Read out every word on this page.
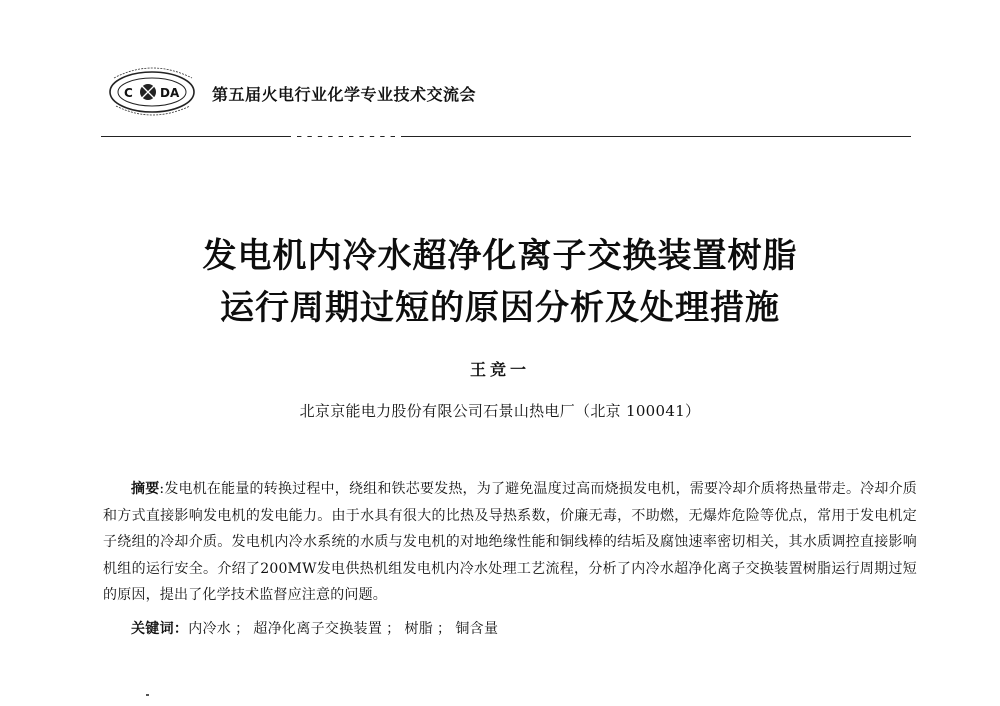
C DA 第五届火电行业化学专业技术交流会
发电机内冷水超净化离子交换装置树脂
运行周期过短的原因分析及处理措施
王竞一
北京京能电力股份有限公司石景山热电厂（北京 100041）

摘要:发电机在能量的转换过程中，绕组和铁芯要发热，为了避免温度过高而烧损发电机，需要冷却介质将热量带走。冷却介质和方式直接影响发电机的发电能力。由于水具有很大的比热及导热系数，价廉无毒，不助燃，无爆炸危险等优点，常用于发电机定子绕组的冷却介质。发电机内冷水系统的水质与发电机的对地绝缘性能和铜线棒的结垢及腐蚀速率密切相关，其水质调控直接影响机组的运行安全。介绍了200MW发电供热机组发电机内冷水处理工艺流程，分析了内冷水超净化离子交换装置树脂运行周期过短的原因，提出了化学技术监督应注意的问题。

关键词：内冷水 ； 超净化离子交换装置 ； 树脂 ； 铜含量
